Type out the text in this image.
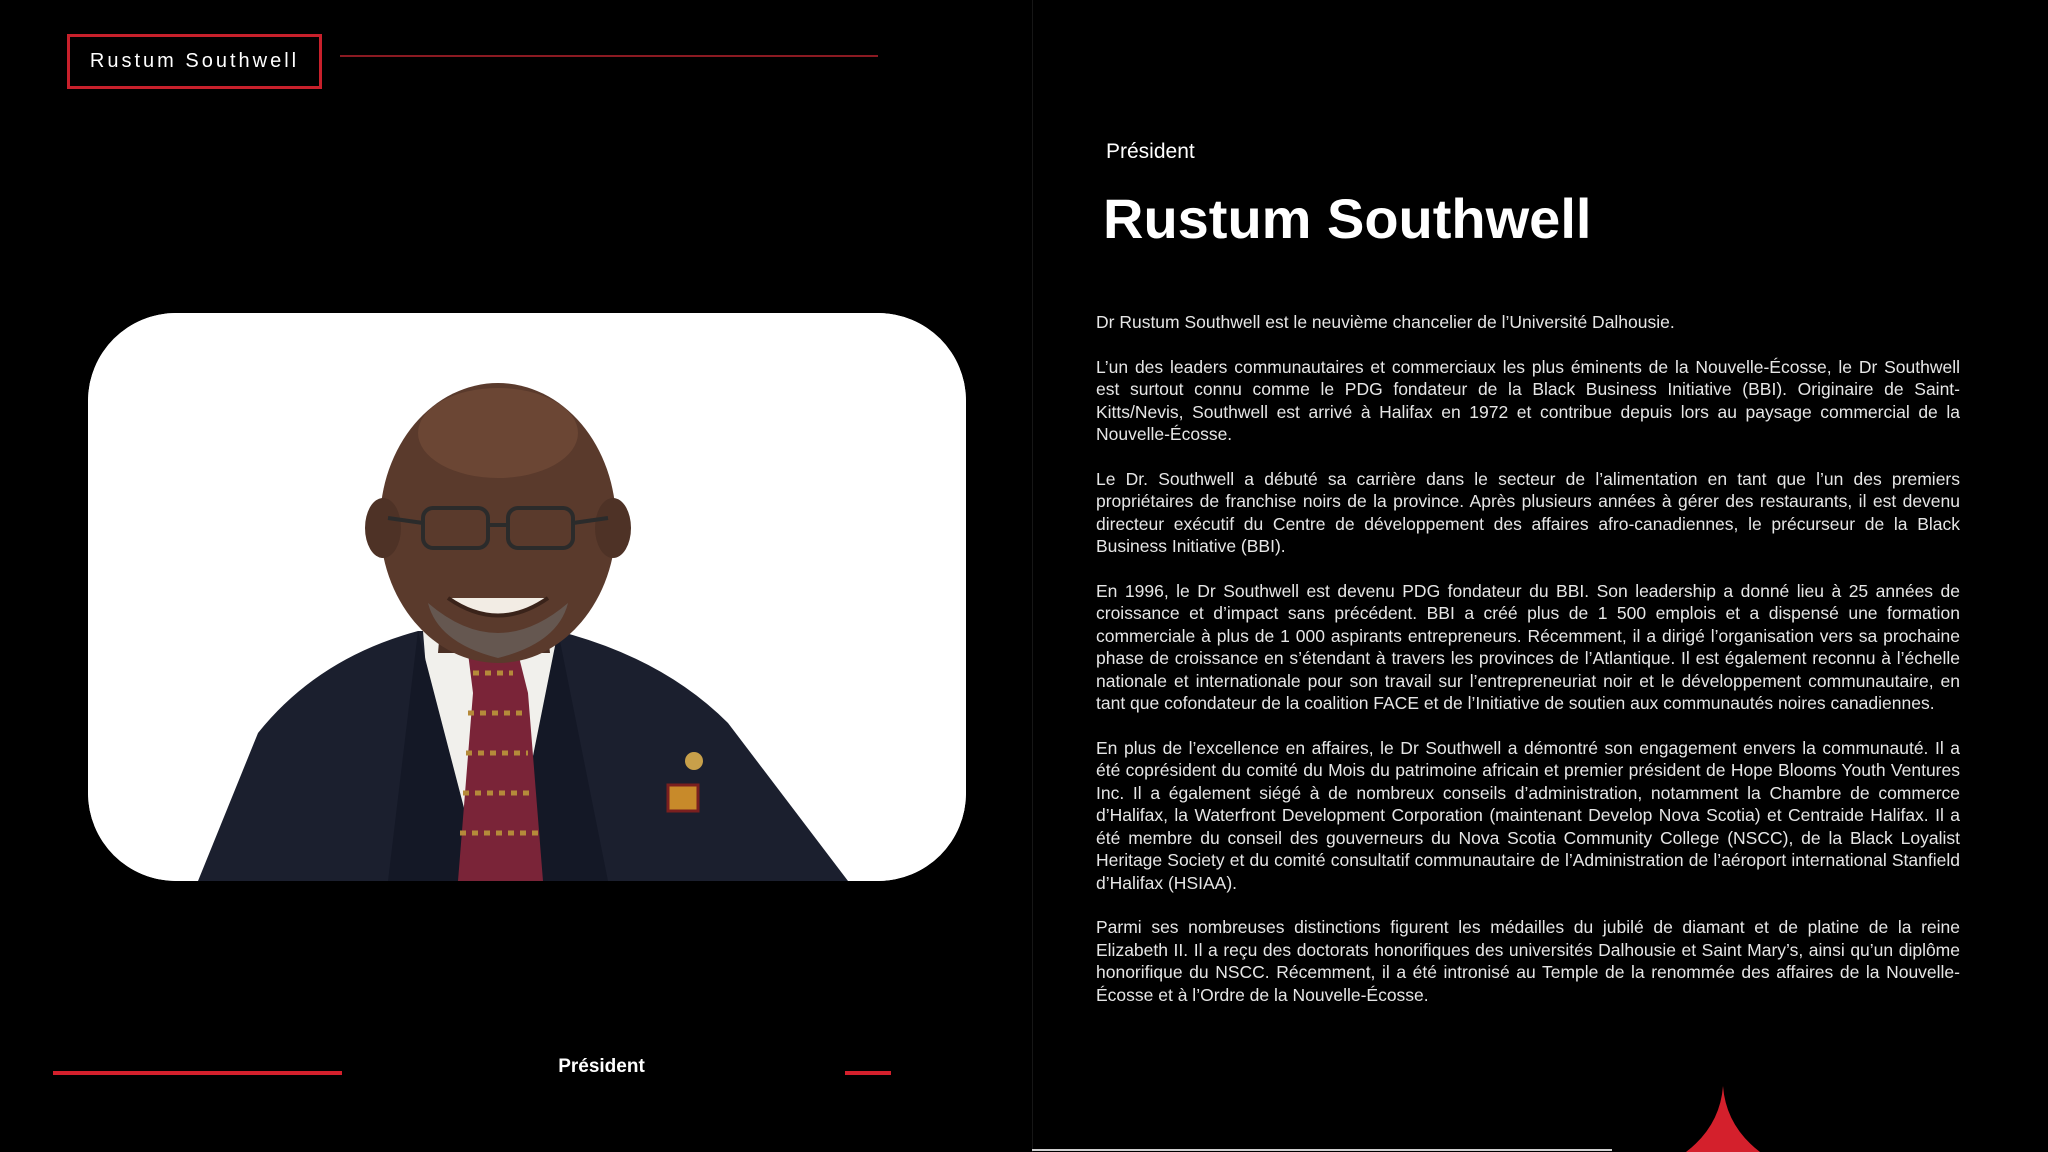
Rustum Southwell
Président
Président
Rustum Southwell

Dr Rustum Southwell est le neuvième chancelier de l’Université Dalhousie.

L’un des leaders communautaires et commerciaux les plus éminents de la Nouvelle-Écosse, le Dr Southwell est surtout connu comme le PDG fondateur de la Black Business Initiative (BBI). Originaire de Saint-Kitts/Nevis, Southwell est arrivé à Halifax en 1972 et contribue depuis lors au paysage commercial de la Nouvelle-Écosse.

Le Dr. Southwell a débuté sa carrière dans le secteur de l’alimentation en tant que l’un des premiers propriétaires de franchise noirs de la province. Après plusieurs années à gérer des restaurants, il est devenu directeur exécutif du Centre de développement des affaires afro-canadiennes, le précurseur de la Black Business Initiative (BBI).

En 1996, le Dr Southwell est devenu PDG fondateur du BBI. Son leadership a donné lieu à 25 années de croissance et d’impact sans précédent. BBI a créé plus de 1 500 emplois et a dispensé une formation commerciale à plus de 1 000 aspirants entrepreneurs. Récemment, il a dirigé l’organisation vers sa prochaine phase de croissance en s’étendant à travers les provinces de l’Atlantique. Il est également reconnu à l’échelle nationale et internationale pour son travail sur l’entrepreneuriat noir et le développement communautaire, en tant que cofondateur de la coalition FACE et de l’Initiative de soutien aux communautés noires canadiennes.

En plus de l’excellence en affaires, le Dr Southwell a démontré son engagement envers la communauté. Il a été coprésident du comité du Mois du patrimoine africain et premier président de Hope Blooms Youth Ventures Inc. Il a également siégé à de nombreux conseils d’administration, notamment la Chambre de commerce d’Halifax, la Waterfront Development Corporation (maintenant Develop Nova Scotia) et Centraide Halifax. Il a été membre du conseil des gouverneurs du Nova Scotia Community College (NSCC), de la Black Loyalist Heritage Society et du comité consultatif communautaire de l’Administration de l’aéroport international Stanfield d’Halifax (HSIAA).

Parmi ses nombreuses distinctions figurent les médailles du jubilé de diamant et de platine de la reine Elizabeth II. Il a reçu des doctorats honorifiques des universités Dalhousie et Saint Mary’s, ainsi qu’un diplôme honorifique du NSCC. Récemment, il a été intronisé au Temple de la renommée des affaires de la Nouvelle-Écosse et à l’Ordre de la Nouvelle-Écosse.
